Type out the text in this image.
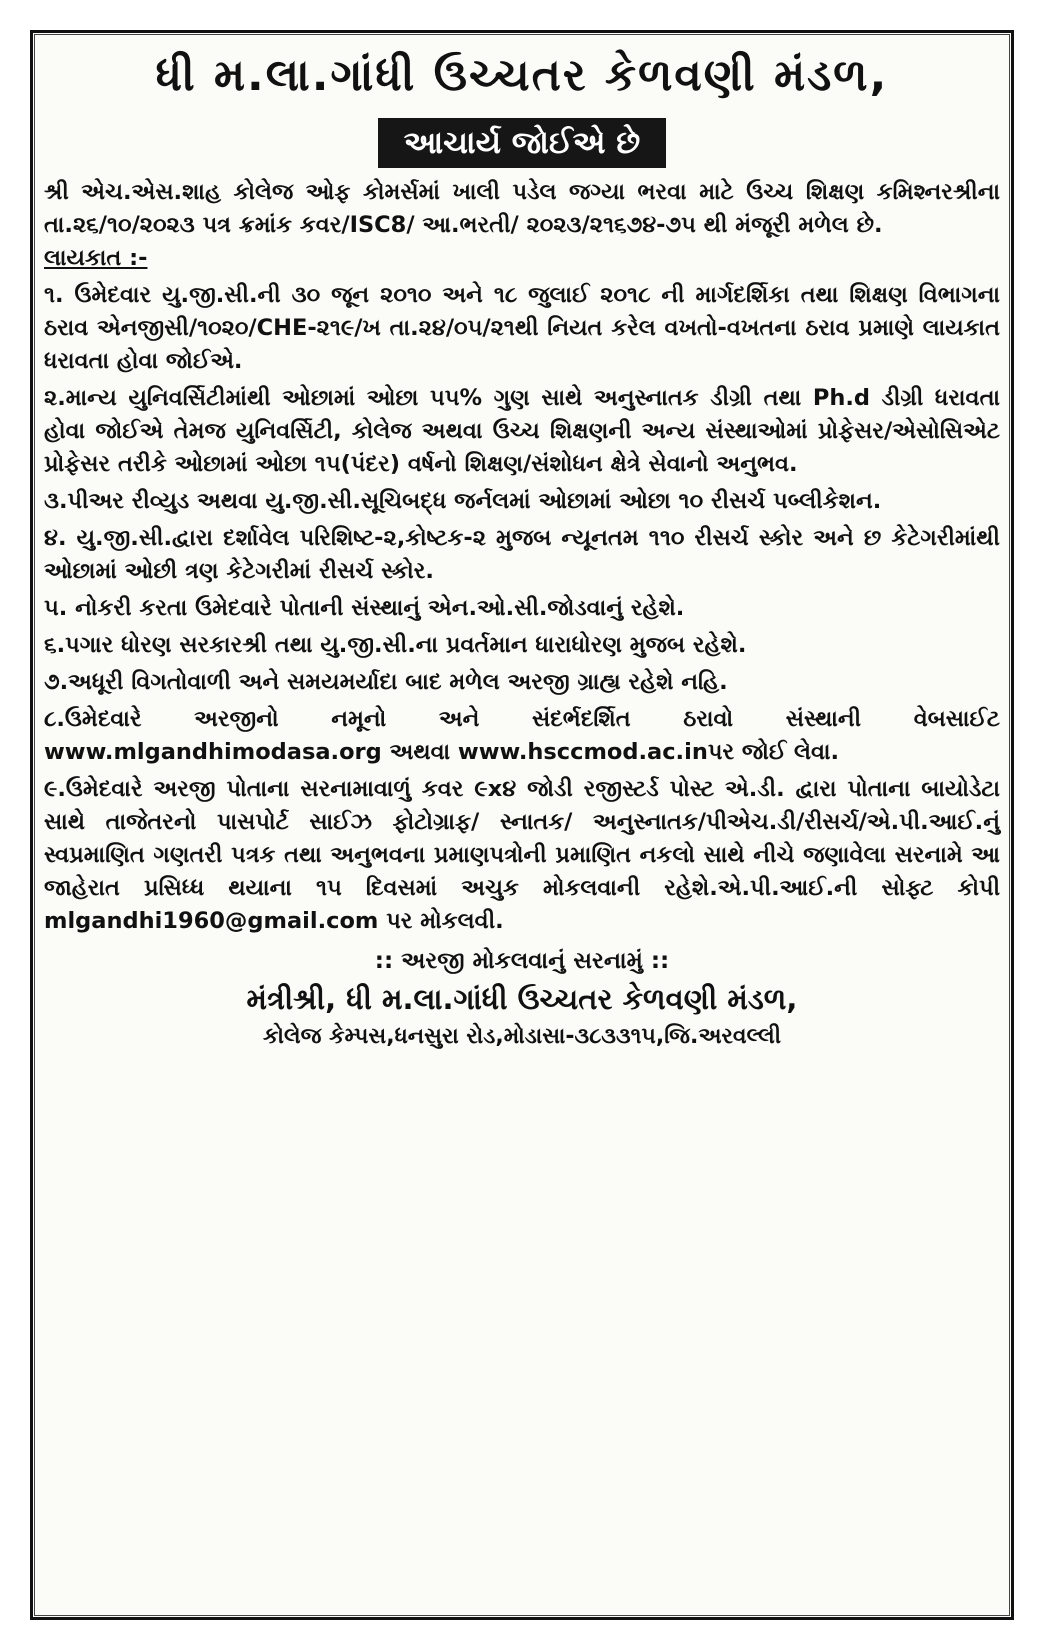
ધી મ.લા.ગાંધી ઉચ્ચતર કેળવણી મંડળ,
આચાર્ય જોઈએ છે

શ્રી એચ.એસ.શાહ કોલેજ ઓફ કોમર્સમાં ખાલી પડેલ જગ્યા ભરવા માટે ઉચ્ચ શિક્ષણ કમિશ્નરશ્રીના તા.૨૬/૧૦/૨૦૨૩ પત્ર ક્રમાંક કવર/ISC8/ આ.ભરતી/ ૨૦૨૩/૨૧૬૭૪-૭૫ થી મંજૂરી મળેલ છે.

લાયકાત :-

૧. ઉમેદવાર યુ.જી.સી.ની ૩૦ જૂન ૨૦૧૦ અને ૧૮ જુલાઈ ૨૦૧૮ ની માર્ગદર્શિકા તથા શિક્ષણ વિભાગના ઠરાવ એનજીસી/૧૦૨૦/CHE-૨૧૯/ખ તા.૨૪/૦૫/૨૧થી નિયત કરેલ વખતો-વખતના ઠરાવ પ્રમાણે લાયકાત ધરાવતા હોવા જોઈએ.

૨.માન્ય યુનિવર્સિટીમાંથી ઓછામાં ઓછા ૫૫% ગુણ સાથે અનુસ્નાતક ડીગ્રી તથા Ph.d ડીગ્રી ધરાવતા હોવા જોઈએ તેમજ યુનિવર્સિટી, કોલેજ અથવા ઉચ્ચ શિક્ષણની અન્ય સંસ્થાઓમાં પ્રોફેસર/એસોસિએટ પ્રોફેસર તરીકે ઓછામાં ઓછા ૧૫(પંદર) વર્ષનો શિક્ષણ/સંશોધન ક્ષેત્રે સેવાનો અનુભવ.

૩.પીઅર રીવ્યુડ અથવા યુ.જી.સી.સૂચિબદ્ધ જર્નલમાં ઓછામાં ઓછા ૧૦ રીસર્ચ પબ્લીકેશન.

૪. યુ.જી.સી.દ્વારા દર્શાવેલ પરિશિષ્ટ-૨,કોષ્ટક-૨ મુજબ ન્યૂનતમ ૧૧૦ રીસર્ચ સ્કોર અને છ કેટેગરીમાંથી ઓછામાં ઓછી ત્રણ કેટેગરીમાં રીસર્ચ સ્કોર.

૫. નોકરી કરતા ઉમેદવારે પોતાની સંસ્થાનું એન.ઓ.સી.જોડવાનું રહેશે.

૬.પગાર ધોરણ સરકારશ્રી તથા યુ.જી.સી.ના પ્રવર્તમાન ધારાધોરણ મુજબ રહેશે.

૭.અધૂરી વિગતોવાળી અને સમયમર્યાદા બાદ મળેલ અરજી ગ્રાહ્ય રહેશે નહિ.

૮.ઉમેદવારે અરજીનો નમૂનો અને સંદર્ભદર્શિત ઠરાવો સંસ્થાની વેબસાઈટ www.mlgandhimodasa.org અથવા www.hsccmod.ac.inપર જોઈ લેવા.

૯.ઉમેદવારે અરજી પોતાના સરનામાવાળું કવર ૯x૪ જોડી રજીસ્ટર્ડ પોસ્ટ એ.ડી. દ્વારા પોતાના બાયોડેટા સાથે તાજેતરનો પાસપોર્ટ સાઈઝ ફોટોગ્રાફ/ સ્નાતક/ અનુસ્નાતક/પીએચ.ડી/રીસર્ચ/એ.પી.આઈ.નું સ્વપ્રમાણિત ગણતરી પત્રક તથા અનુભવના પ્રમાણપત્રોની પ્રમાણિત નકલો સાથે નીચે જણાવેલા સરનામે આ જાહેરાત પ્રસિધ્ધ થયાના ૧૫ દિવસમાં અચુક મોકલવાની રહેશે.એ.પી.આઈ.ની સોફ્ટ કોપી mlgandhi1960@gmail.com પર મોકલવી.

:: અરજી મોકલવાનું સરનામું ::
મંત્રીશ્રી, ધી મ.લા.ગાંધી ઉચ્ચતર કેળવણી મંડળ,
કોલેજ કેમ્પસ,ધનસુરા રોડ,મોડાસા-૩૮૩૩૧૫,જિ.અરવલ્લી
